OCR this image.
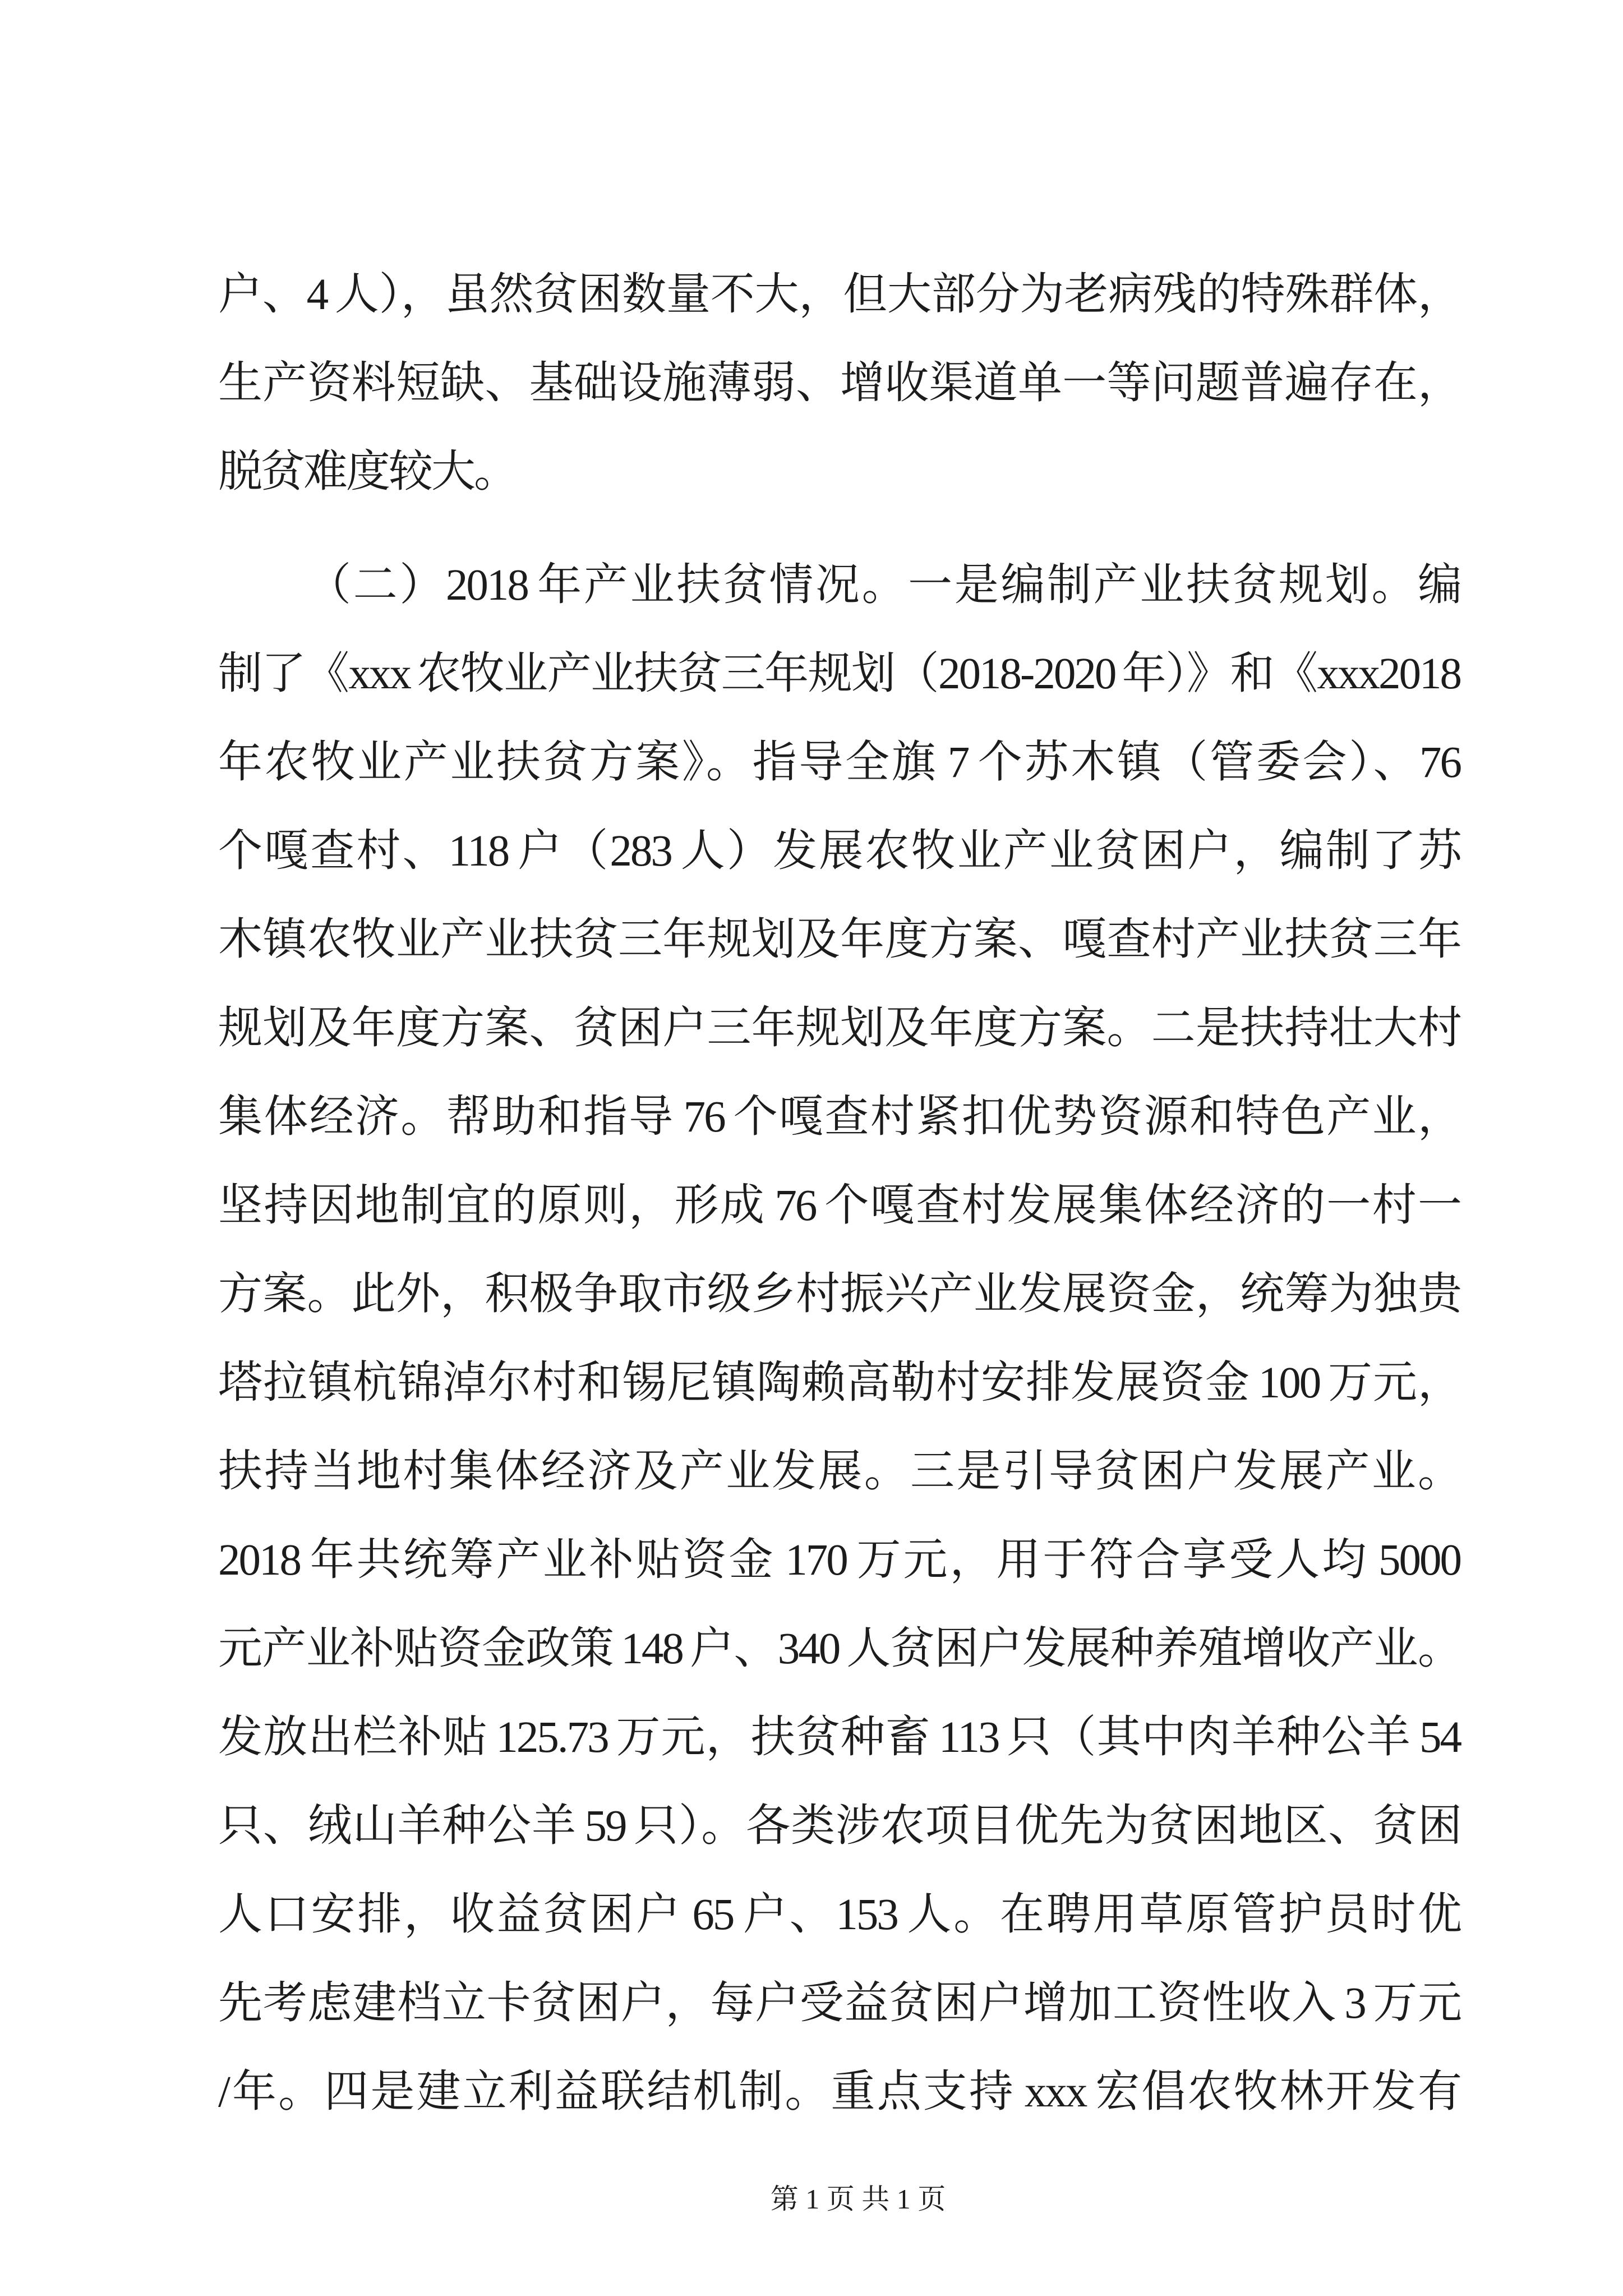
户、4 人），虽然贫困数量不大，但大部分为老病残的特殊群体，
生产资料短缺、基础设施薄弱、增收渠道单一等问题普遍存在，
脱贫难度较大。
（二）2018 年产业扶贫情况。一是编制产业扶贫规划。编
制了《xxx 农牧业产业扶贫三年规划（2018-2020 年）》和《xxx2018
年农牧业产业扶贫方案》。指导全旗 7 个苏木镇（管委会）、76
个嘎查村、118 户（283 人）发展农牧业产业贫困户，编制了苏
木镇农牧业产业扶贫三年规划及年度方案、嘎查村产业扶贫三年
规划及年度方案、贫困户三年规划及年度方案。二是扶持壮大村
集体经济。帮助和指导 76 个嘎查村紧扣优势资源和特色产业，
坚持因地制宜的原则，形成 76 个嘎查村发展集体经济的一村一
方案。此外，积极争取市级乡村振兴产业发展资金，统筹为独贵
塔拉镇杭锦淖尔村和锡尼镇陶赖高勒村安排发展资金 100 万元，
扶持当地村集体经济及产业发展。三是引导贫困户发展产业。
2018 年共统筹产业补贴资金 170 万元，用于符合享受人均 5000
元产业补贴资金政策 148 户、340 人贫困户发展种养殖增收产业。
发放出栏补贴 125.73 万元，扶贫种畜 113 只（其中肉羊种公羊 54
只、绒山羊种公羊 59 只）。各类涉农项目优先为贫困地区、贫困
人口安排，收益贫困户 65 户、153 人。在聘用草原管护员时优
先考虑建档立卡贫困户，每户受益贫困户增加工资性收入 3 万元
/年。四是建立利益联结机制。重点支持 xxx 宏倡农牧林开发有
第 1 页 共 1 页
